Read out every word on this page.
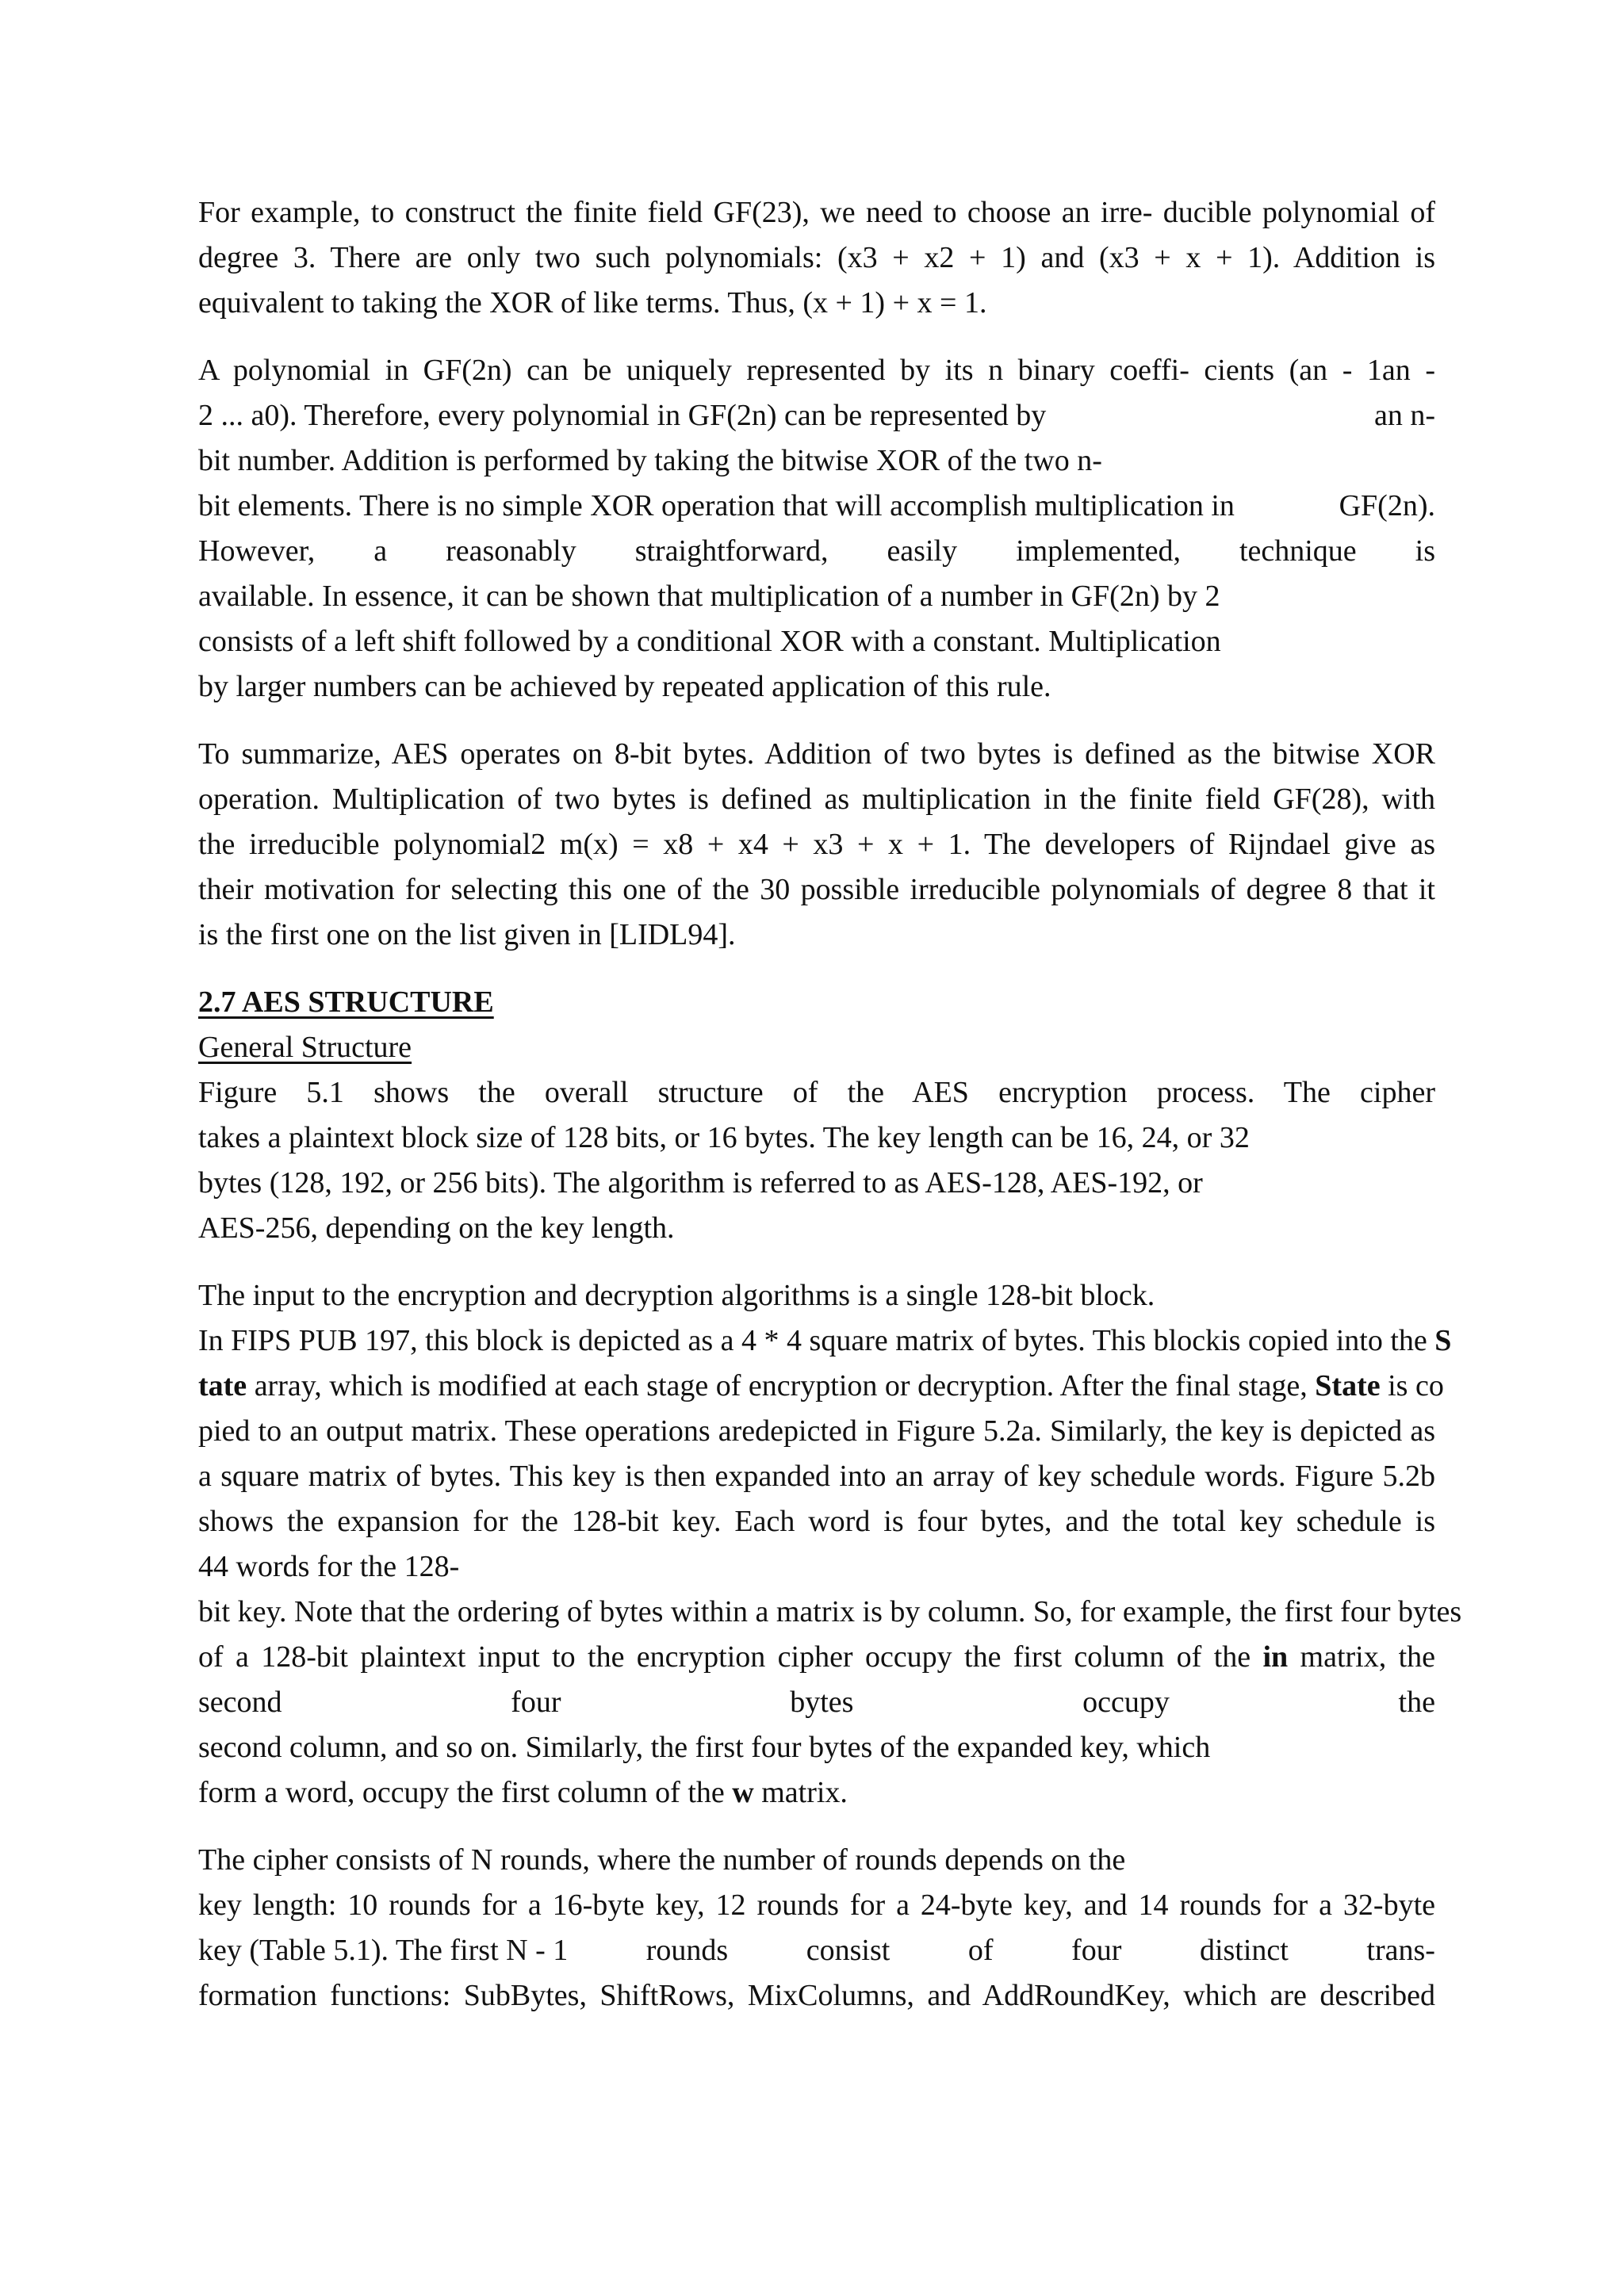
For example, to construct the finite field GF(23), we need to choose an irre- ducible polynomial of

degree 3. There are only two such polynomials: (x3 + x2 + 1) and (x3 + x + 1). Addition is

equivalent to taking the XOR of like terms. Thus, (x + 1) + x = 1.

A polynomial in GF(2n) can be uniquely represented by its n binary coeffi- cients (an - 1an -

2 ... a0). Therefore, every polynomial in GF(2n) can be represented by	an n-

bit number. Addition is performed by taking the bitwise XOR of the two n-

bit elements. There is no simple XOR operation that will accomplish multiplication in	GF(2n).

However, a reasonably straightforward, easily implemented, technique is

available. In essence, it can be shown that multiplication of a number in GF(2n) by 2

consists of a left shift followed by a conditional XOR with a constant. Multiplication

by larger numbers can be achieved by repeated application of this rule.

To summarize, AES operates on 8-bit bytes. Addition of two bytes is defined as the bitwise XOR

operation. Multiplication of two bytes is defined as multiplication in the finite field GF(28), with

the irreducible polynomial2 m(x) = x8 + x4 + x3 + x + 1. The developers of Rijndael give as

their motivation for selecting this one of the 30 possible irreducible polynomials of degree 8 that it

is the first one on the list given in [LIDL94].

2.7 AES STRUCTURE

General Structure

Figure 5.1 shows the overall structure of the AES encryption process. The cipher

takes a plaintext block size of 128 bits, or 16 bytes. The key length can be 16, 24, or 32

bytes (128, 192, or 256 bits). The algorithm is referred to as AES-128, AES-192, or

AES-256, depending on the key length.

The input to the encryption and decryption algorithms is a single 128-bit block.

In FIPS PUB 197, this block is depicted as a 4 * 4 square matrix of bytes. This blockis copied into the S

tate array, which is modified at each stage of encryption or decryption. After the final stage, State is co

pied to an output matrix. These operations aredepicted in Figure 5.2a. Similarly, the key is depicted as

a square matrix of bytes. This key is then expanded into an array of key schedule words. Figure 5.2b

shows the expansion for the 128-bit key. Each word is four bytes, and the total key schedule is

44 words for the 128-

bit key. Note that the ordering of bytes within a matrix is by column. So, for example, the first four bytes

of a 128-bit plaintext input to the encryption cipher occupy the first column of the in matrix, the

second	four	bytes	occupy	the

second column, and so on. Similarly, the first four bytes of the expanded key, which

form a word, occupy the first column of the w matrix.

The cipher consists of N rounds, where the number of rounds depends on the

key length: 10 rounds for a 16-byte key, 12 rounds for a 24-byte key, and 14 rounds for a 32-byte

key (Table 5.1). The first N - 1	rounds	consist	of	four	distinct	trans-

formation functions: SubBytes, ShiftRows, MixColumns, and AddRoundKey, which are described
